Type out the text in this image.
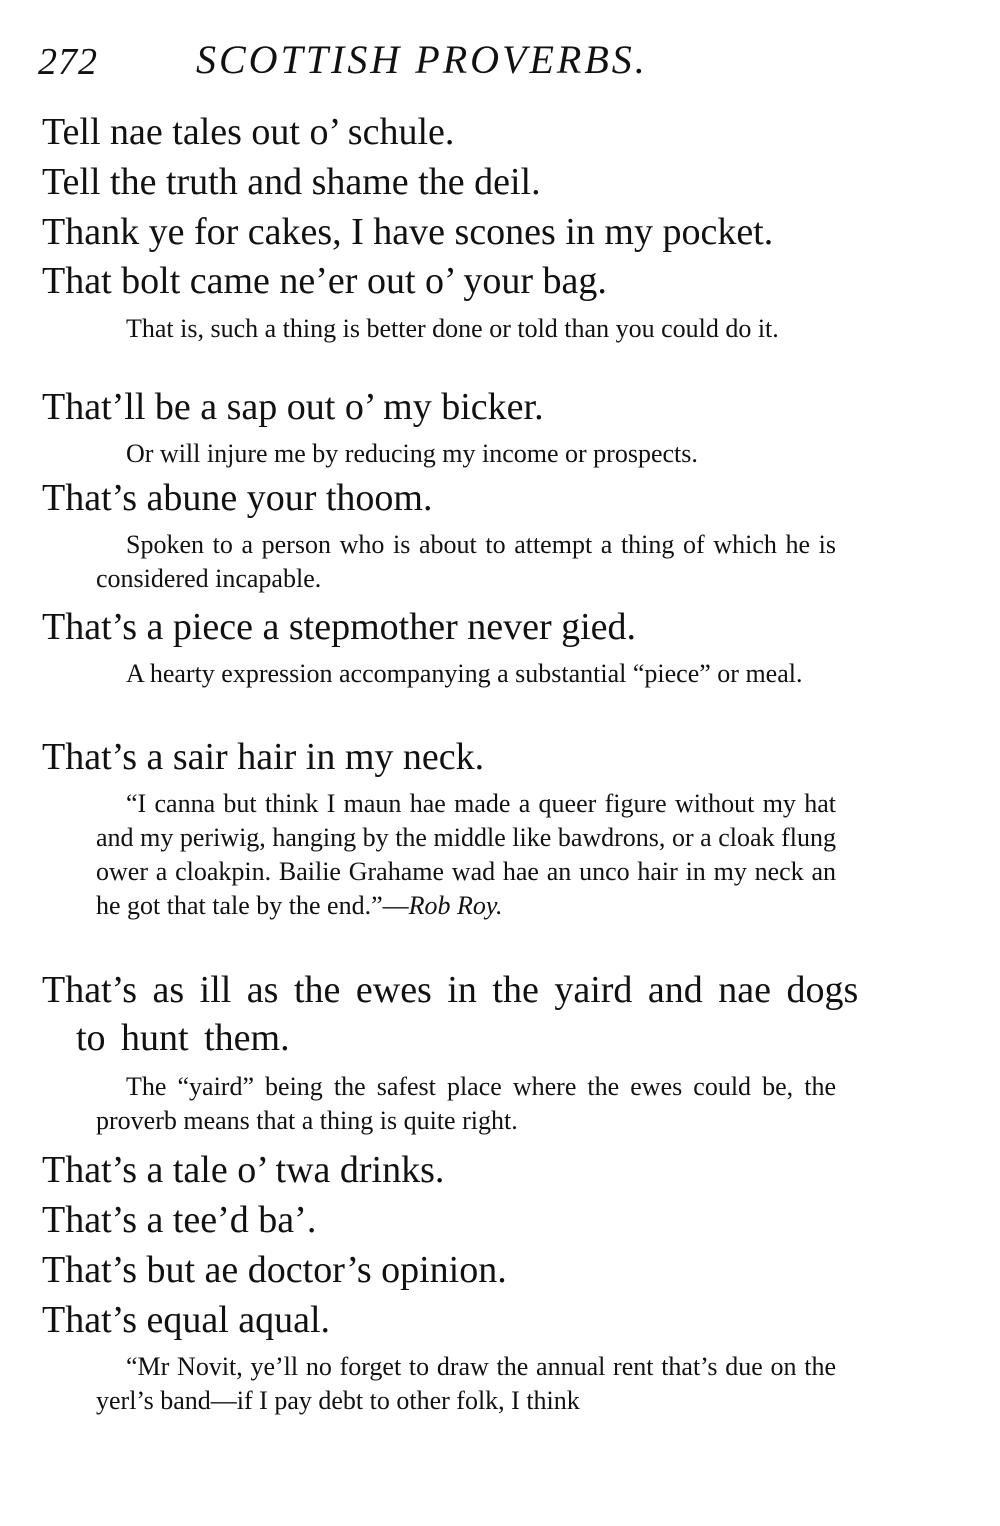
272 SCOTTISH PROVERBS.
Tell nae tales out o’ schule.
Tell the truth and shame the deil.
Thank ye for cakes, I have scones in my pocket.
That bolt came ne’er out o’ your bag.
That is, such a thing is better done or told than you could do it.
That’ll be a sap out o’ my bicker.
Or will injure me by reducing my income or prospects.
That’s abune your thoom.
Spoken to a person who is about to attempt a thing of which he is considered incapable.
That’s a piece a stepmother never gied.
A hearty expression accompanying a substantial “piece” or meal.
That’s a sair hair in my neck.
“I canna but think I maun hae made a queer figure without my hat and my periwig, hanging by the middle like bawdrons, or a cloak flung ower a cloakpin. Bailie Grahame wad hae an unco hair in my neck an he got that tale by the end.”—Rob Roy.
That’s as ill as the ewes in the yaird and nae dogs to hunt them.
The “yaird” being the safest place where the ewes could be, the proverb means that a thing is quite right.
That’s a tale o’ twa drinks.
That’s a tee’d ba’.
That’s but ae doctor’s opinion.
That’s equal aqual.
“Mr Novit, ye’ll no forget to draw the annual rent that’s due on the yerl’s band—if I pay debt to other folk, I think
